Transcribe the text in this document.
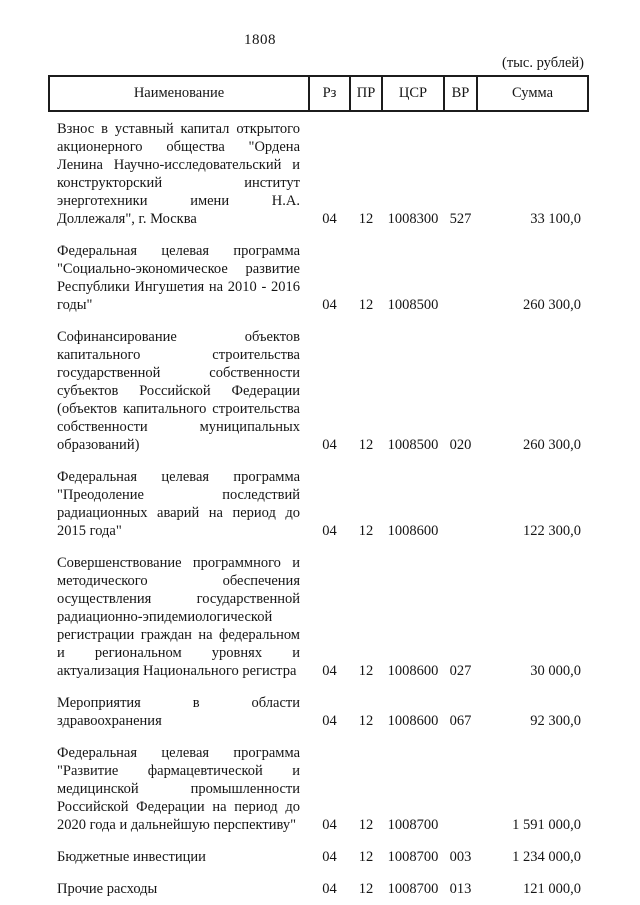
1808
(тыс. рублей)
Наименование	Рз	ПР	ЦСР	ВР	Сумма
Взнос в уставный капитал открытого акционерного общества "Ордена Ленина Научно-исследовательский и конструкторский институт энерготехники имени Н.А. Доллежаля", г. Москва	04	12	1008300	527	33 100,0
Федеральная целевая программа "Социально-экономическое развитие Республики Ингушетия на 2010 - 2016 годы"	04	12	1008500		260 300,0
Софинансирование объектов капитального строительства государственной собственности субъектов Российской Федерации (объектов капитального строительства собственности муниципальных образований)	04	12	1008500	020	260 300,0
Федеральная целевая программа "Преодоление последствий радиационных аварий на период до 2015 года"	04	12	1008600		122 300,0
Совершенствование программного и методического обеспечения осуществления государственной радиационно-эпидемиологической регистрации граждан на федеральном и региональном уровнях и актуализация Национального регистра	04	12	1008600	027	30 000,0
Мероприятия в области здравоохранения	04	12	1008600	067	92 300,0
Федеральная целевая программа "Развитие фармацевтической и медицинской промышленности Российской Федерации на период до 2020 года и дальнейшую перспективу"	04	12	1008700		1 591 000,0
Бюджетные инвестиции	04	12	1008700	003	1 234 000,0
Прочие расходы	04	12	1008700	013	121 000,0
